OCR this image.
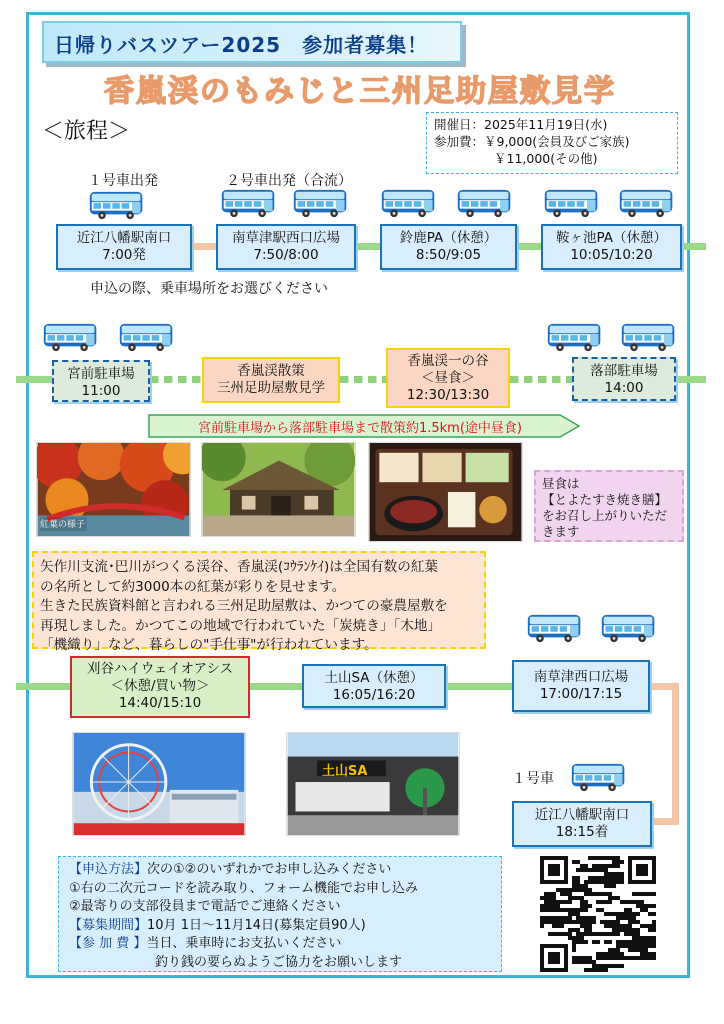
日帰りバスツアー2025　参加者募集！
香嵐渓のもみじと三州足助屋敷見学
＜旅程＞	開催日：2025年11月19日(水)
参加費：￥9,000(会員及びご家族)
￥11,000(その他)
１号車出発	２号車出発（合流）
近江八幡駅南口
7:00発
南草津駅西口広場
7:50/8:00
鈴鹿PA（休憩）
8:50/9:05
鞍ヶ池PA（休憩）
10:05/10:20
申込の際、乗車場所をお選びください
宮前駐車場
11:00
香嵐渓散策
三州足助屋敷見学
香嵐渓一の谷
＜昼食＞
12:30/13:30
落部駐車場
14:00
宮前駐車場から落部駐車場まで散策約1.5km(途中昼食)
紅葉の様子
昼食は
【とよたすき焼き膳】
をお召し上がりいただ
きます
矢作川支流･巴川がつくる渓谷、香嵐渓(ｺｳﾗﾝｹｲ)は全国有数の紅葉
の名所として約3000本の紅葉が彩りを見せます。
生きた民族資料館と言われる三州足助屋敷は、かつての豪農屋敷を
再現しました。かつてこの地域で行われていた「炭焼き」「木地」
「機織り」など、暮らしの"手仕事"が行われています。
刈谷ハイウェイオアシス
＜休憩/買い物＞
14:40/15:10
土山SA（休憩）
16:05/16:20
南草津西口広場
17:00/17:15
１号車
近江八幡駅南口
18:15着
土山SA
【申込方法】次の①②のいずれかでお申し込みください
①右の二次元コードを読み取り、フォーム機能でお申し込み
②最寄りの支部役員まで電話でご連絡ください
【募集期間】10月 1日～11月14日(募集定員90人)
【参 加 費 】当日、乗車時にお支払いください
釣り銭の要らぬようご協力をお願いします
